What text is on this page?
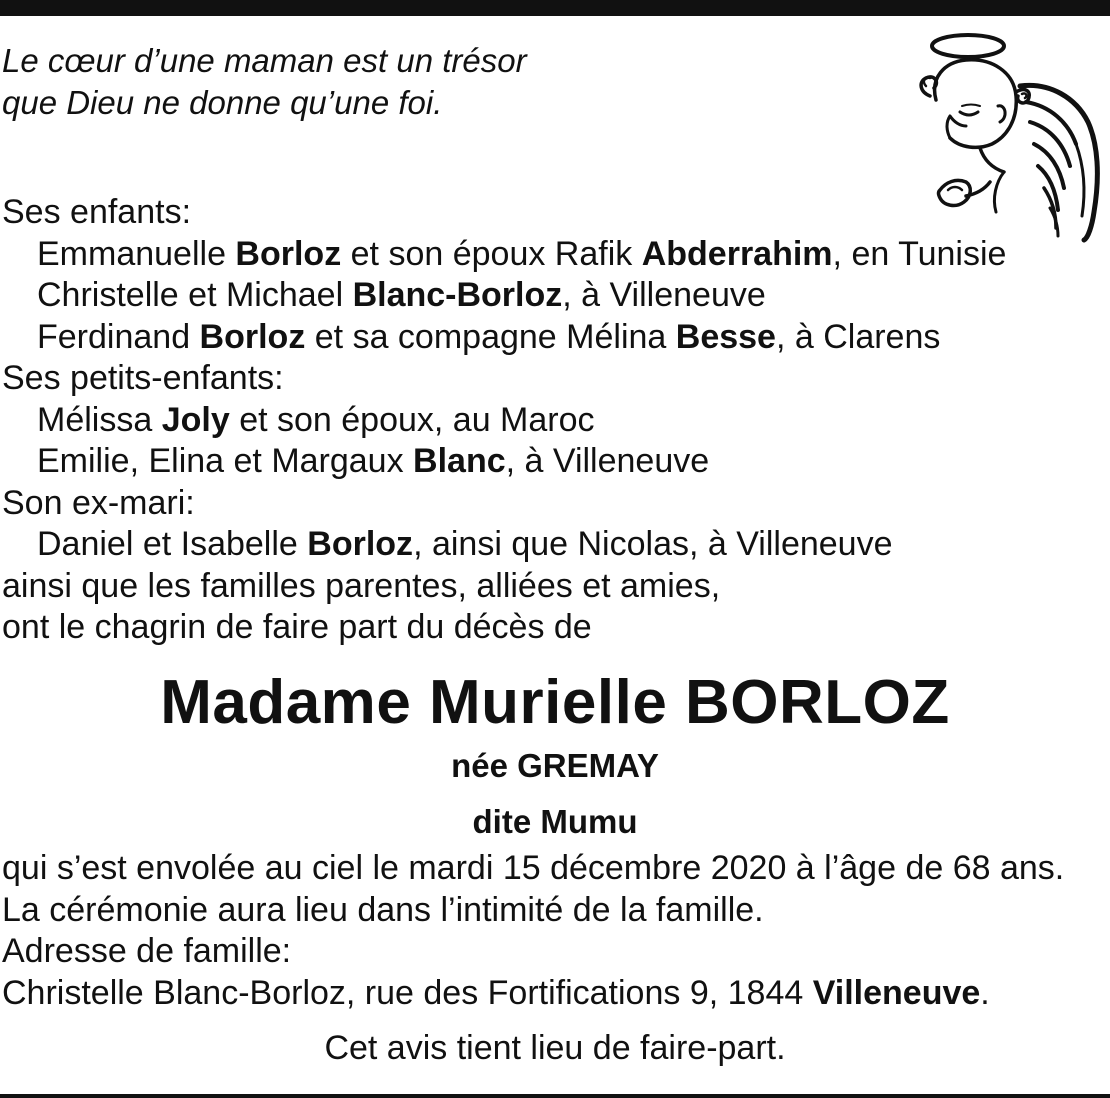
Le cœur d’une maman est un trésor
que Dieu ne donne qu’une foi.
Ses enfants:
Emmanuelle Borloz et son époux Rafik Abderrahim, en Tunisie
Christelle et Michael Blanc-Borloz, à Villeneuve
Ferdinand Borloz et sa compagne Mélina Besse, à Clarens
Ses petits-enfants:
Mélissa Joly et son époux, au Maroc
Emilie, Elina et Margaux Blanc, à Villeneuve
Son ex-mari:
Daniel et Isabelle Borloz, ainsi que Nicolas, à Villeneuve
ainsi que les familles parentes, alliées et amies,
ont le chagrin de faire part du décès de
Madame Murielle BORLOZ
née GREMAY
dite Mumu
qui s’est envolée au ciel le mardi 15 décembre 2020 à l’âge de 68 ans.
La cérémonie aura lieu dans l’intimité de la famille.
Adresse de famille:
Christelle Blanc-Borloz, rue des Fortifications 9, 1844 Villeneuve.
Cet avis tient lieu de faire-part.
